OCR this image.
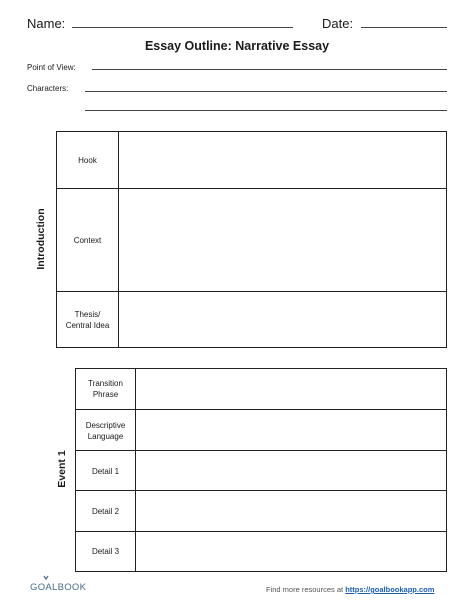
Name:	Date:
Essay Outline: Narrative Essay
Point of View:
Characters:
Introduction
Hook
Context
Thesis/
Central Idea
Event 1
Transition
Phrase
Descriptive
Language
Detail 1
Detail 2
Detail 3
GOALBOOK	Find more resources at https://goalbookapp.com
